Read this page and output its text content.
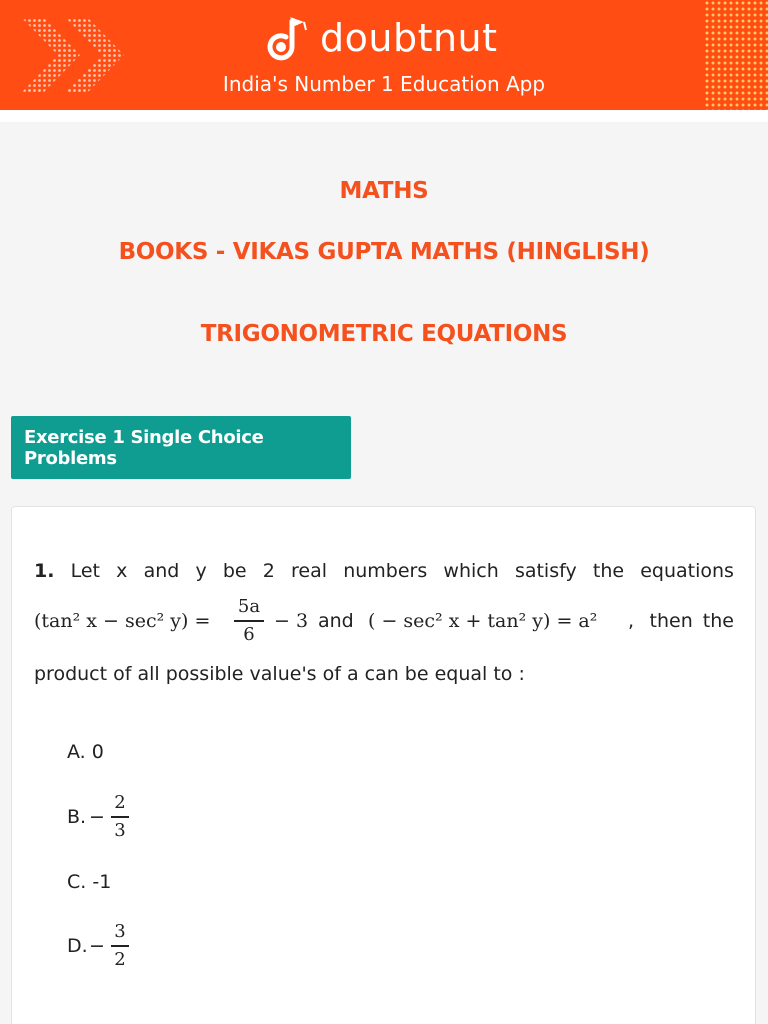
doubtnut
India's Number 1 Education App
MATHS
BOOKS - VIKAS GUPTA MATHS (HINGLISH)
TRIGONOMETRIC EQUATIONS
Exercise 1 Single Choice Problems
1. Let x and y be 2 real numbers which satisfy the equations
(tan² x − sec² y) =
5a
6
− 3 and ( − sec² x + tan² y) = a² , then the
product of all possible value's of a can be equal to :
A. 0
B. −
2
3
C. -1
D. −
3
2
